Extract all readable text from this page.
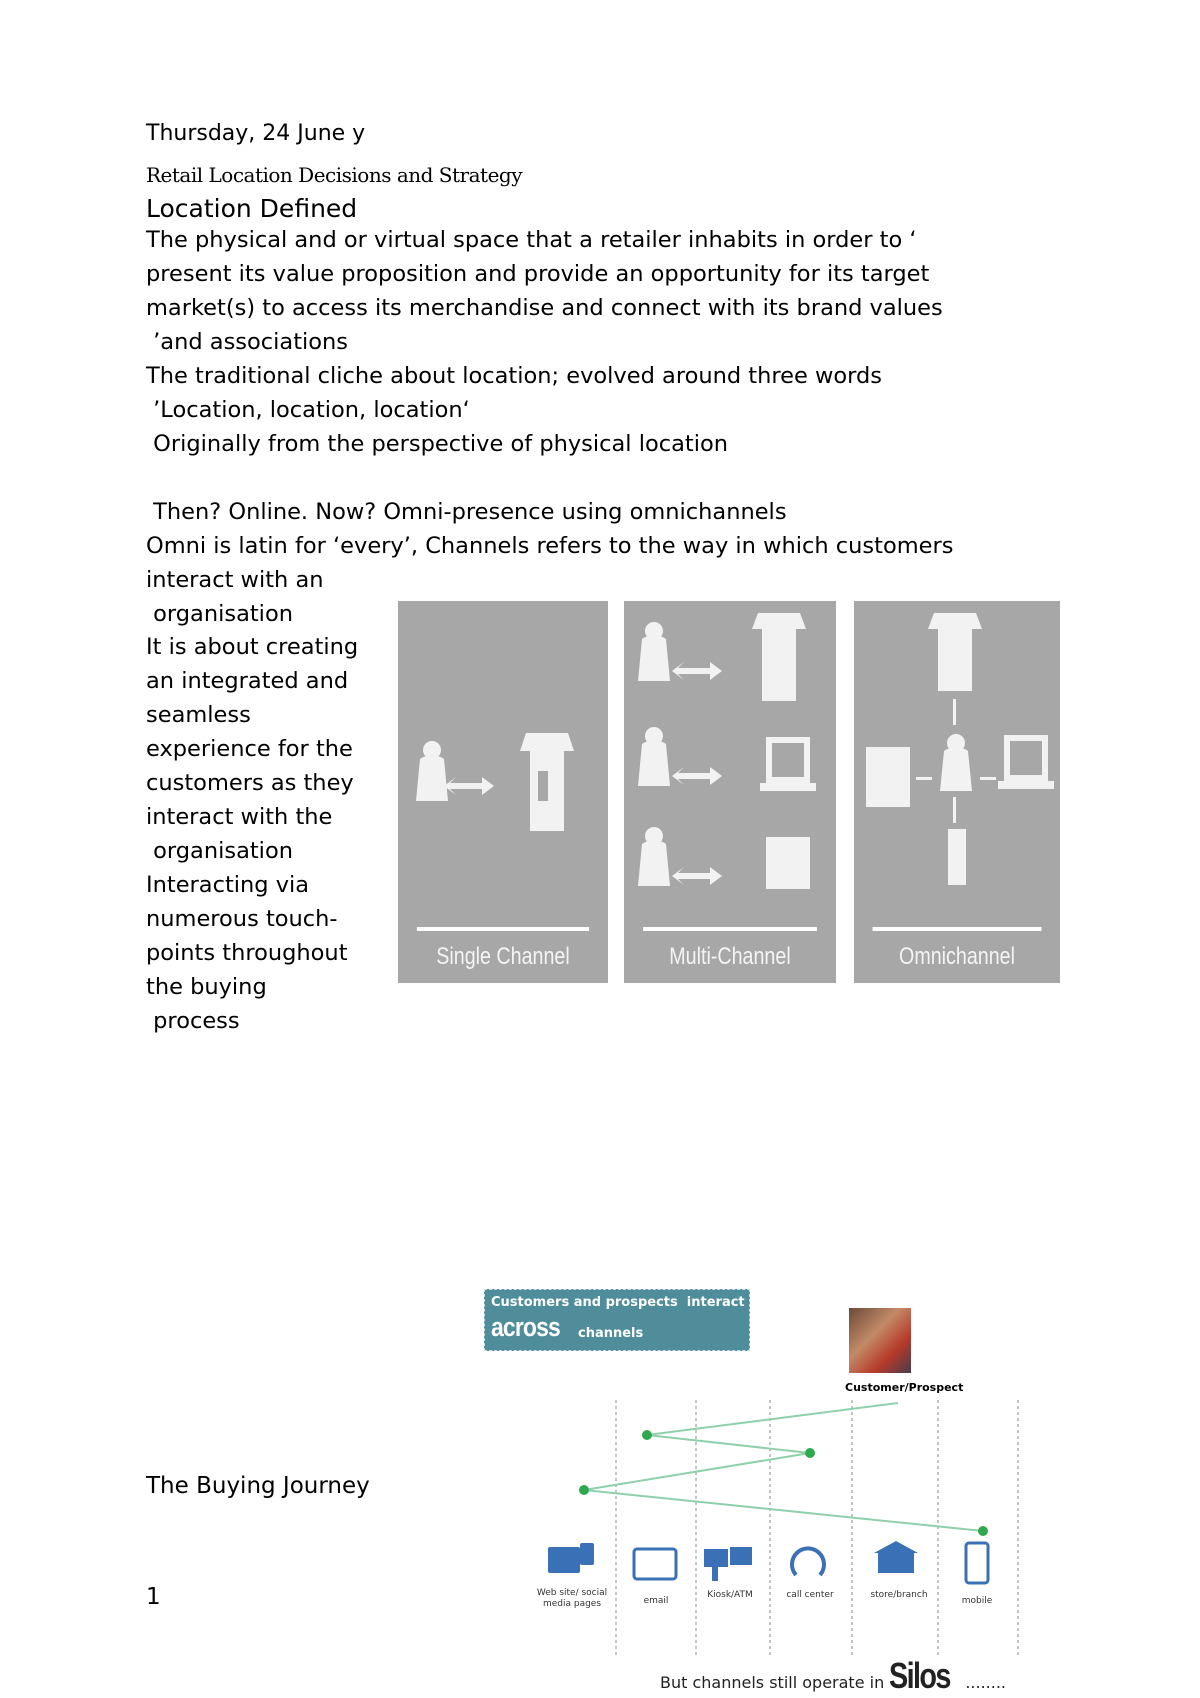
Thursday, 24 June y
Retail Location Decisions and Strategy
Location Defined
The physical and or virtual space that a retailer inhabits in order to ‘
present its value proposition and provide an opportunity for its target
market(s) to access its merchandise and connect with its brand values
’and associations
The traditional cliche about location; evolved around three words
’Location, location, location‘
Originally from the perspective of physical location
Then? Online. Now? Omni-presence using omnichannels
Omni is latin for ‘every’, Channels refers to the way in which customers
interact with an
organisation
It is about creating
an integrated and
seamless
experience for the
customers as they
interact with the
organisation
Interacting via
numerous touch-
points throughout
the buying
process
Single Channel	Multi-Channel	Omnichannel
The Buying Journey
1
Customers and prospects  interact
across channels
Customer/Prospect
Web site/ social
media pages	email
Kiosk/ATM	call center	store/branch
mobile
But channels still operate in Silos ........
